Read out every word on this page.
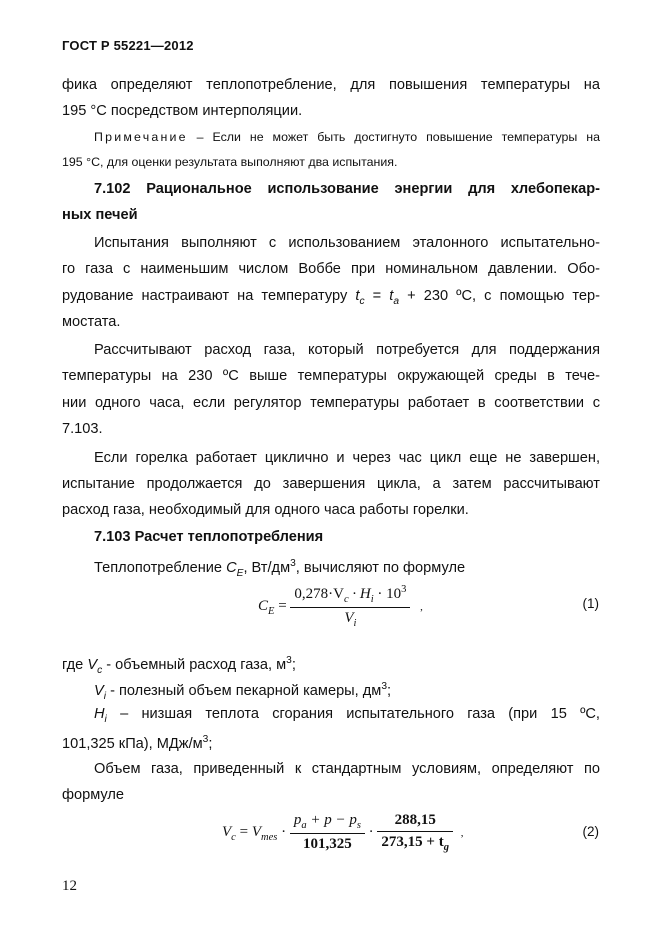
ГОСТ Р 55221—2012

фика определяют теплопотребление, для повышения температуры на

195 °C посредством интерполяции.

Примечание – Если не может быть достигнуто повышение температуры на

195 °С, для оценки результата выполняют два испытания.

7.102 Рациональное использование энергии для хлебопекар-

ных печей

Испытания выполняют с использованием эталонного испытательно-

го газа с наименьшим числом Воббе при номинальном давлении. Обо-

рудование настраивают на температуру $t_c = t_a + 230$ ºC, с помощью тер-

мостата.

Рассчитывают расход газа, который потребуется для поддержания

температуры на 230 ºC выше температуры окружающей среды в тече-

нии одного часа, если регулятор температуры работает в соответствии с

7.103.

Если горелка работает циклично и через час цикл еще не завершен,

испытание продолжается до завершения цикла, а затем рассчитывают

расход газа, необходимый для одного часа работы горелки.

7.103 Расчет теплопотребления

Теплопотребление $C_E$, $Вт/дм^3$, вычисляют по формуле

$C_E = \frac{0,278\cdot V_c \cdot H_i \cdot 10^3}{V_i}$ ,	(1)

где $V_c$ - объемный расход газа, $м^3$;

$V_i$ - полезный объем пекарной камеры, $дм^3$;

$H_i$ – низшая теплота сгорания испытательного газа (при 15 ºC,

101,325 кПа), МДж/$м^3$;

Объем газа, приведенный к стандартным условиям, определяют по

формуле

$V_c = V_{mes} \cdot \frac{p_a + p - p_s}{101,325} \cdot \frac{288,15}{273,15 + t_g}$ ,	(2)
12
